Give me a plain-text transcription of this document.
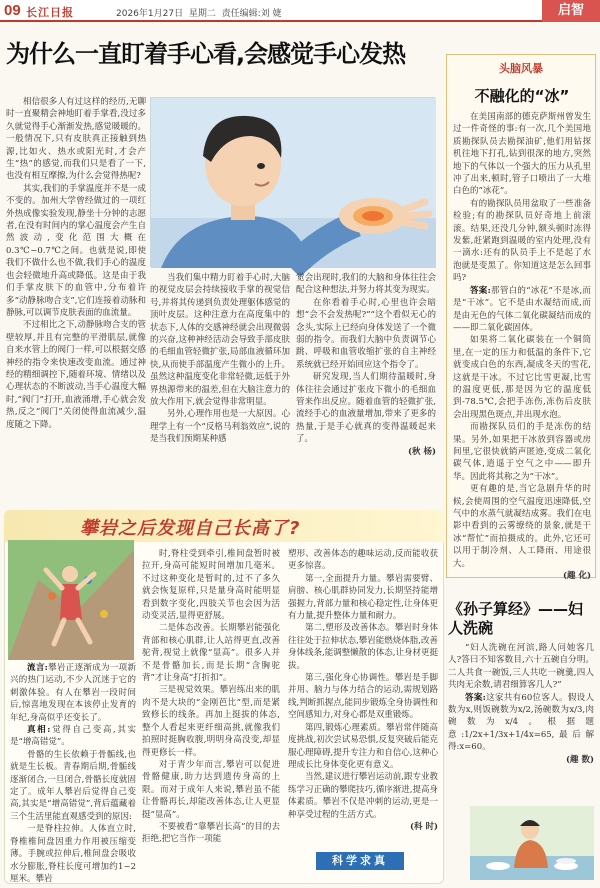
09 长江日报	2026年1月27日 星期二 责任编辑:刘 婕	启智
为什么一直盯着手心看,会感觉手心发热

相信很多人有过这样的经历,无聊时一直聚精会神地盯着手掌看,没过多久就觉得手心渐渐发热,感觉暖暖的。一般情况下,只有皮肤真正接触到热源,比如火、热水或阳光时,才会产生“热”的感觉,而我们只是看了一下,也没有相互摩擦,为什么会觉得热呢?

其实,我们的手掌温度并不是一成不变的。加州大学曾经做过的一项红外热成像实验发现,静坐十分钟的志愿者,在没有时间内的掌心温度会产生自然波动,变化范围大概在0.3℃~0.7℃之间。也就是说,即使我们不做什么也不做,我们手心的温度也会轻微地升高或降低。这是由于我们手掌皮肤下的血管中,分布着许多“动静脉吻合支”,它们连接着动脉和静脉,可以调节皮肤表面的血流量。

不过相比之下,动静脉吻合支的管壁较厚,并且有完整的平滑肌层,就像自来水管上的阀门一样,可以根据交感神经的指令来快速改变血流。通过神经的精细调控下,随着环境、情绪以及心理状态的不断波动,当手心温度大幅时,“阀门”打开,血液涌增,手心就会发热,反之“阀门”关闭使得血流减少,温度随之下降。

当我们集中精力盯着手心时,大脑的视觉皮层会持续接收手掌的视觉信号,并将其传递到负责处理躯体感觉的顶叶皮层。这种注意力在高度集中的状态下,人体的交感神经就会出现微弱的兴奋,这种神经活动会导致手部皮肤的毛细血管轻微扩张,局部血液循环加快,从而使手部温度产生微小的上升。虽然这种温度变化非常轻微,远低于外界热源带来的温差,但在大脑注意力的放大作用下,就会觉得非常明显。

另外,心理作用也是一大原因。心理学上有一个“反格马利翁效应”,说的是当我们预期某种感

觉会出现时,我们的大脑和身体往往会配合这种想法,并努力将其变为现实。

在你看着手心时,心里也许会暗想“会不会发热呢?”“这个看似无心的念头,实际上已经向身体发送了一个微弱的指令。而我们大脑中负责调节心跳、呼吸和血管收缩扩张的自主神经系统就已经开始回应这个指令了。

研究发现,当人们期待温暖时,身体往往会通过扩张皮下微小的毛细血管来作出反应。随着血管的轻微扩张,流经手心的血液量增加,带来了更多的热量,于是手心就真的变得温暖起来了。

(秋 杨)

头脑风暴
不融化的“冰”

在美国南部的德克萨斯州曾发生过一件奇怪的事:有一次,几个美国地质勘探队员去勘探油矿,他们用钻探机往地下打孔,钻到很深的地方,突然地下的气体以一个强大的压力从孔里冲了出来,顿时,管子口喷出了一大堆白色的“冰花”。

有的勘探队员用盆取了一些准备检验;有的勘探队员好奇地上前滚滚。结果,还没几分钟,额头顿时冻得发紫,赶紧跑到温暖的室内处理,没有一滴水:还有的队员手上不是起了水泡就是变黑了。你知道这是怎么回事吗?

答案:那管白的“冰花”不是冰,而是“干冰”。它不是由水凝结而成,而是由无色的气体二氧化碳凝结而成的——即二氧化碳固体。

如果将二氧化碳装在一个铜筒里,在一定的压力和低温的条件下,它就变成白色的东西,凝成冬天的雪花,这就是干冰。不过它比雪更凝,比雪的温度更低,那是因为它的温度低到-78.5℃,会把手冻伤,冻伤后皮肤会出现黑色斑点,并出现水泡。

而勘探队员们的手是冻伤的结果。另外,如果把干冰放到容器或房间里,它很快就销声匿迹,变成二氧化碳气体,逍遥于空气之中——即升华。因此将其称之为“干冰”。

更有趣的是,当它急剧升华的时候,会使周围的空气温度迅速降低,空气中的水蒸气就凝结成雾。我们在电影中看到的云雾缭绕的景象,就是干冰“帮忙”而拍摄成的。此外,它还可以用于制冷剂、人工降雨、用途很大。

(趣 化)

《孙子算经》——妇人洗碗

“妇人洗碗在河滨,路人问她客几人?答曰不知客数目,六十五碗自分明。二人共食一碗饭,三人共吃一碗羹,四人共肉无余数,请君细算客几人?”

答案:这家共有60位客人。假设人数为x,则饭碗数为x/2,汤碗数为x/3,肉碗数为x/4。根据题意:1/2x+1/3x+1/4x=65,最后解得:x=60。

(趣 数)

攀岩之后发现自己长高了?

流言:攀岩正逐渐成为一项新兴的热门运动,不少人沉迷于它的刺激体验。有人在攀岩一段时间后,惊喜地发现在本该停止发育的年纪,身高似乎还变长了。

真相:觉得自己变高,其实是“增高错觉”。

骨骼的生长依赖于骨骺线,也就是生长板。青春期后期,骨骺线逐渐闭合,一旦闭合,骨骼长度就固定了。成年人攀岩后觉得自己变高,其实是“增高错觉”,背后蕴藏着三个生活里能直观感受到的原因:

一是脊柱拉伸。人体直立时,脊椎椎间盘因重力作用被压缩变薄。手腕或拉伸后,椎间盘会吸收水分膨胀,脊柱长度可增加约1~2厘米。攀岩

时,脊柱受到牵引,椎间盘暂时被拉开,身高可能短时间增加几毫米。不过这种变化是暂时的,过不了多久就会恢复原样,只是量身高时能明显看到数字变化,四肢关节也会因为活动变灵活,显得更舒展。

二是体态改善。长期攀岩能强化背部和核心肌群,让人站得更直,改善驼背,视觉上就像“显高”。很多人并不是骨骼加长,而是长期“含胸驼背”才让身高“打折扣”。

三是视觉效果。攀岩练出来的肌肉不是大块的“金刚芭比”型,而是紧致修长的线条。再加上挺拔的体态,整个人看起来更纤细高挑,就像我们拍照时挺胸收腹,明明身高没变,却显得更修长一样。

对于青少年而言,攀岩可以促进骨骼健康,助力达到遗传身高的上限。而对于成年人来说,攀岩虽不能让骨骼再长,却能改善体态,让人更显挺“显高”。

不要被看“靠攀岩长高”的目的去拒绝,把它当作一项能

塑形、改善体态的趣味运动,反而能收获更多惊喜。

第一,全面提升力量。攀岩需要臂、肩膀、核心肌群协同发力,长期坚持能增强握力,背部力量和核心稳定性,让身体更有力量,提升整体力量和耐力。

第二,塑形及改善体态。攀岩时身体往往处于拉伸状态,攀岩能燃烧体脂,改善身体线条,能调整懒散的体态,让身材更挺拔。

第三,强化身心协调性。攀岩是手脚并用、脑力与体力结合的运动,需规划路线,判断抓握点,能同步锻炼全身协调性和空间感知力,对身心都是双重锻炼。

第四,锻炼心理素质。攀岩常伴随高度挑战,初次尝试易恐惧,反复突破后能克服心理障碍,提升专注力和自信心,这种心理成长比身体变化更有意义。

当然,建议进行攀岩运动前,跟专业教练学习正确的攀爬技巧,循序渐进,提高身体素质。攀岩不仅是冲刺的运动,更是一种享受过程的生活方式。

(科 时)

科学求真
